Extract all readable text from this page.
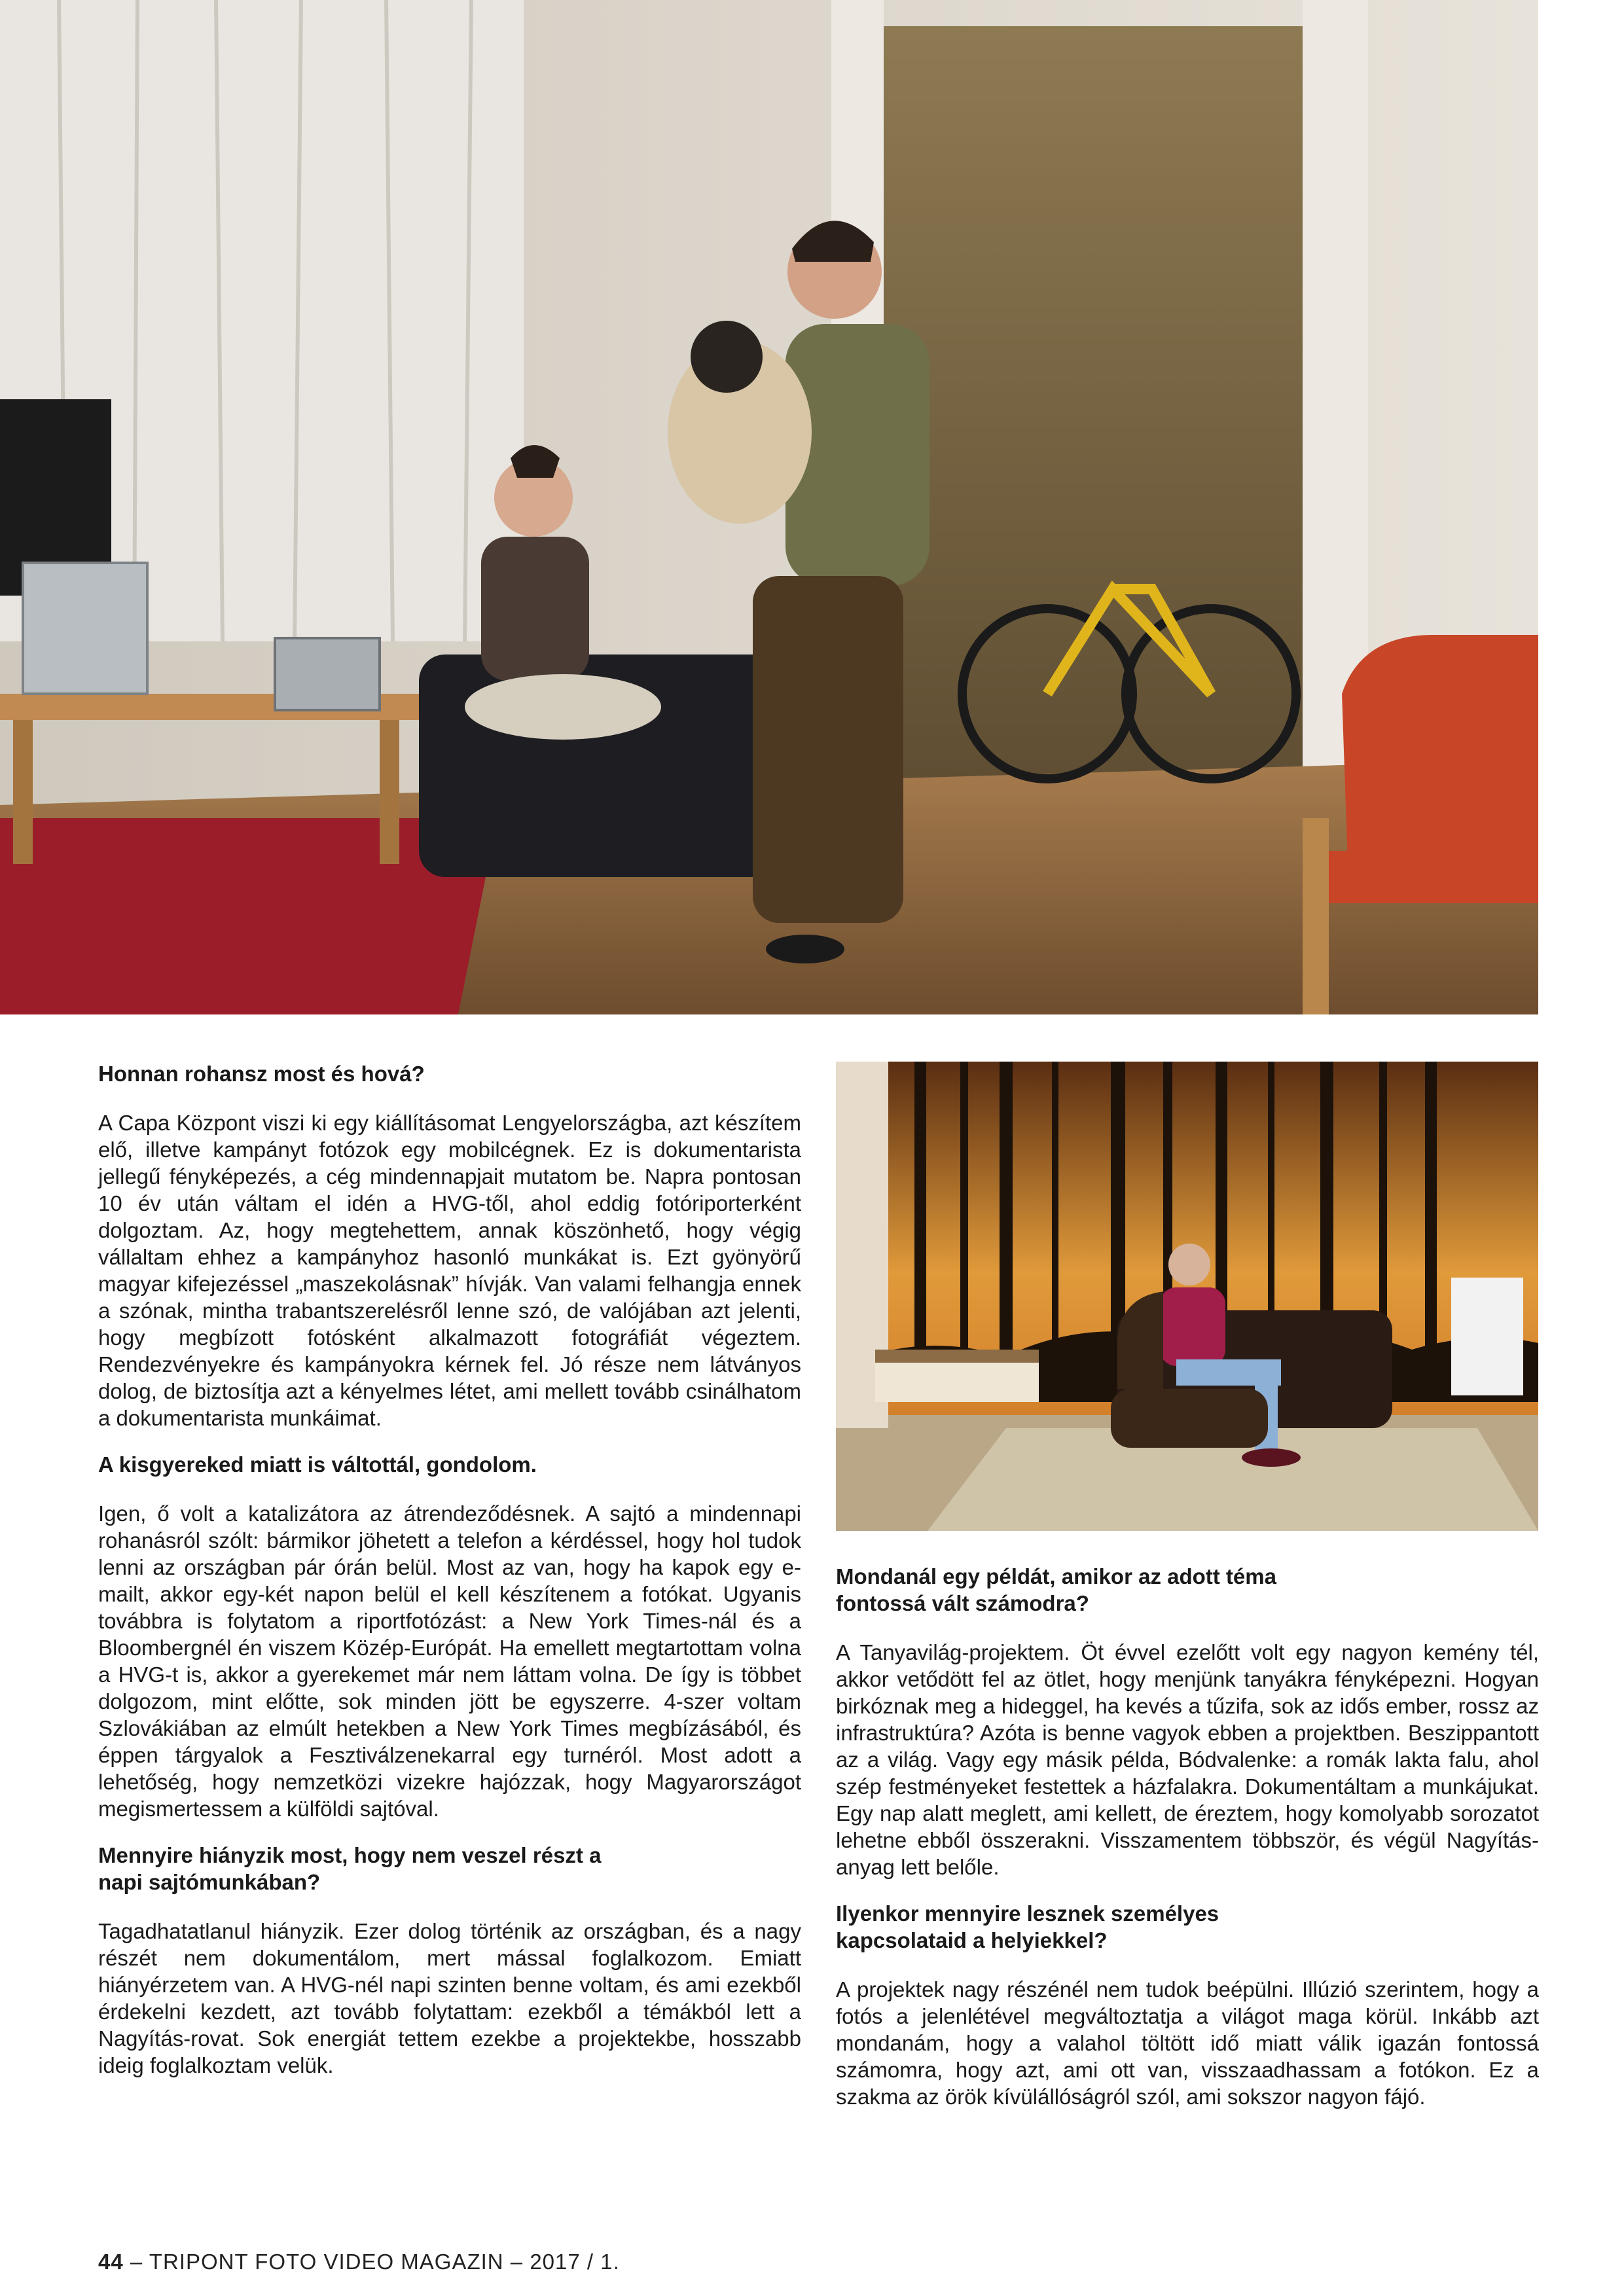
Honnan rohansz most és hová?

A Capa Központ viszi ki egy kiállításomat Lengyelországba, azt készítem elő, illetve kampányt fotózok egy mobilcégnek. Ez is dokumentarista jellegű fényképezés, a cég mindennapjait mutatom be. Napra pontosan 10 év után váltam el idén a HVG-től, ahol eddig fotóriporterként dolgoztam. Az, hogy megtehettem, annak köszönhető, hogy végig vállaltam ehhez a kampányhoz hasonló munkákat is. Ezt gyönyörű magyar kifejezéssel „maszekolásnak” hívják. Van valami felhangja ennek a szónak, mintha trabantszerelésről lenne szó, de valójában azt jelenti, hogy megbízott fotósként alkalmazott fotográfiát végeztem. Rendezvényekre és kampányokra kérnek fel. Jó része nem látványos dolog, de biztosítja azt a kényelmes létet, ami mellett tovább csinálhatom a dokumentarista munkáimat.

A kisgyereked miatt is váltottál, gondolom.

Igen, ő volt a katalizátora az átrendeződésnek. A sajtó a mindennapi rohanásról szólt: bármikor jöhetett a telefon a kérdéssel, hogy hol tudok lenni az országban pár órán belül. Most az van, hogy ha kapok egy e-mailt, akkor egy-két napon belül el kell készítenem a fotókat. Ugyanis továbbra is folytatom a riportfotózást: a New York Times-nál és a Bloombergnél én viszem Közép-Európát. Ha emellett megtartottam volna a HVG-t is, akkor a gyerekemet már nem láttam volna. De így is többet dolgozom, mint előtte, sok minden jött be egyszerre. 4-szer voltam Szlovákiában az elmúlt hetekben a New York Times megbízásából, és éppen tárgyalok a Fesztiválzenekarral egy turnéról. Most adott a lehetőség, hogy nemzetközi vizekre hajózzak, hogy Magyarországot megismertessem a külföldi sajtóval.

Mennyire hiányzik most, hogy nem veszel részt a napi sajtómunkában?

Tagadhatatlanul hiányzik. Ezer dolog történik az országban, és a nagy részét nem dokumentálom, mert mással foglalkozom. Emiatt hiányérzetem van. A HVG-nél napi szinten benne voltam, és ami ezekből érdekelni kezdett, azt tovább folytattam: ezekből a témákból lett a Nagyítás-rovat. Sok energiát tettem ezekbe a projektekbe, hosszabb ideig foglalkoztam velük.

Mondanál egy példát, amikor az adott téma fontossá vált számodra?

A Tanyavilág-projektem. Öt évvel ezelőtt volt egy nagyon kemény tél, akkor vetődött fel az ötlet, hogy menjünk tanyákra fényképezni. Hogyan birkóznak meg a hideggel, ha kevés a tűzifa, sok az idős ember, rossz az infrastruktúra? Azóta is benne vagyok ebben a projektben. Beszippantott az a világ. Vagy egy másik példa, Bódvalenke: a romák lakta falu, ahol szép festményeket festettek a házfalakra. Dokumentáltam a munkájukat. Egy nap alatt meglett, ami kellett, de éreztem, hogy komolyabb sorozatot lehetne ebből összerakni. Visszamentem többször, és végül Nagyítás-anyag lett belőle.

Ilyenkor mennyire lesznek személyes kapcsolataid a helyiekkel?

A projektek nagy részénél nem tudok beépülni. Illúzió szerintem, hogy a fotós a jelenlétével megváltoztatja a világot maga körül. Inkább azt mondanám, hogy a valahol töltött idő miatt válik igazán fontossá számomra, hogy azt, ami ott van, visszaadhassam a fotókon. Ez a szakma az örök kívülállóságról szól, ami sokszor nagyon fájó.

44 – TRIPONT FOTO VIDEO MAGAZIN – 2017 / 1.
